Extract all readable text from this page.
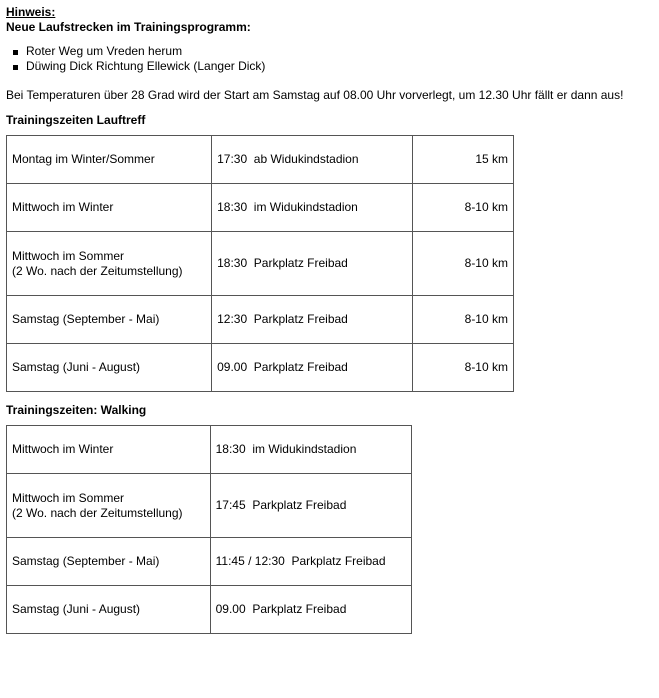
Hinweis:
Neue Laufstrecken im Trainingsprogramm:
Roter Weg um Vreden herum
Düwing Dick Richtung Ellewick (Langer Dick)
Bei Temperaturen über 28 Grad wird der Start am Samstag auf 08.00 Uhr vorverlegt, um 12.30 Uhr fällt er dann aus!
Trainingszeiten Lauftreff
Montag im Winter/Sommer	17:30  ab Widukindstadion	15 km

Mittwoch im Winter	18:30  im Widukindstadion	8-10 km

Mittwoch im Sommer
(2 Wo. nach der Zeitumstellung)	18:30  Parkplatz Freibad	8-10 km

Samstag (September - Mai)	12:30  Parkplatz Freibad	8-10 km

Samstag (Juni - August)	09.00  Parkplatz Freibad	8-10 km
Trainingszeiten: Walking
Mittwoch im Winter	18:30  im Widukindstadion

Mittwoch im Sommer
(2 Wo. nach der Zeitumstellung)	17:45  Parkplatz Freibad

Samstag (September - Mai)	11:45 / 12:30  Parkplatz Freibad

Samstag (Juni - August)	09.00  Parkplatz Freibad
